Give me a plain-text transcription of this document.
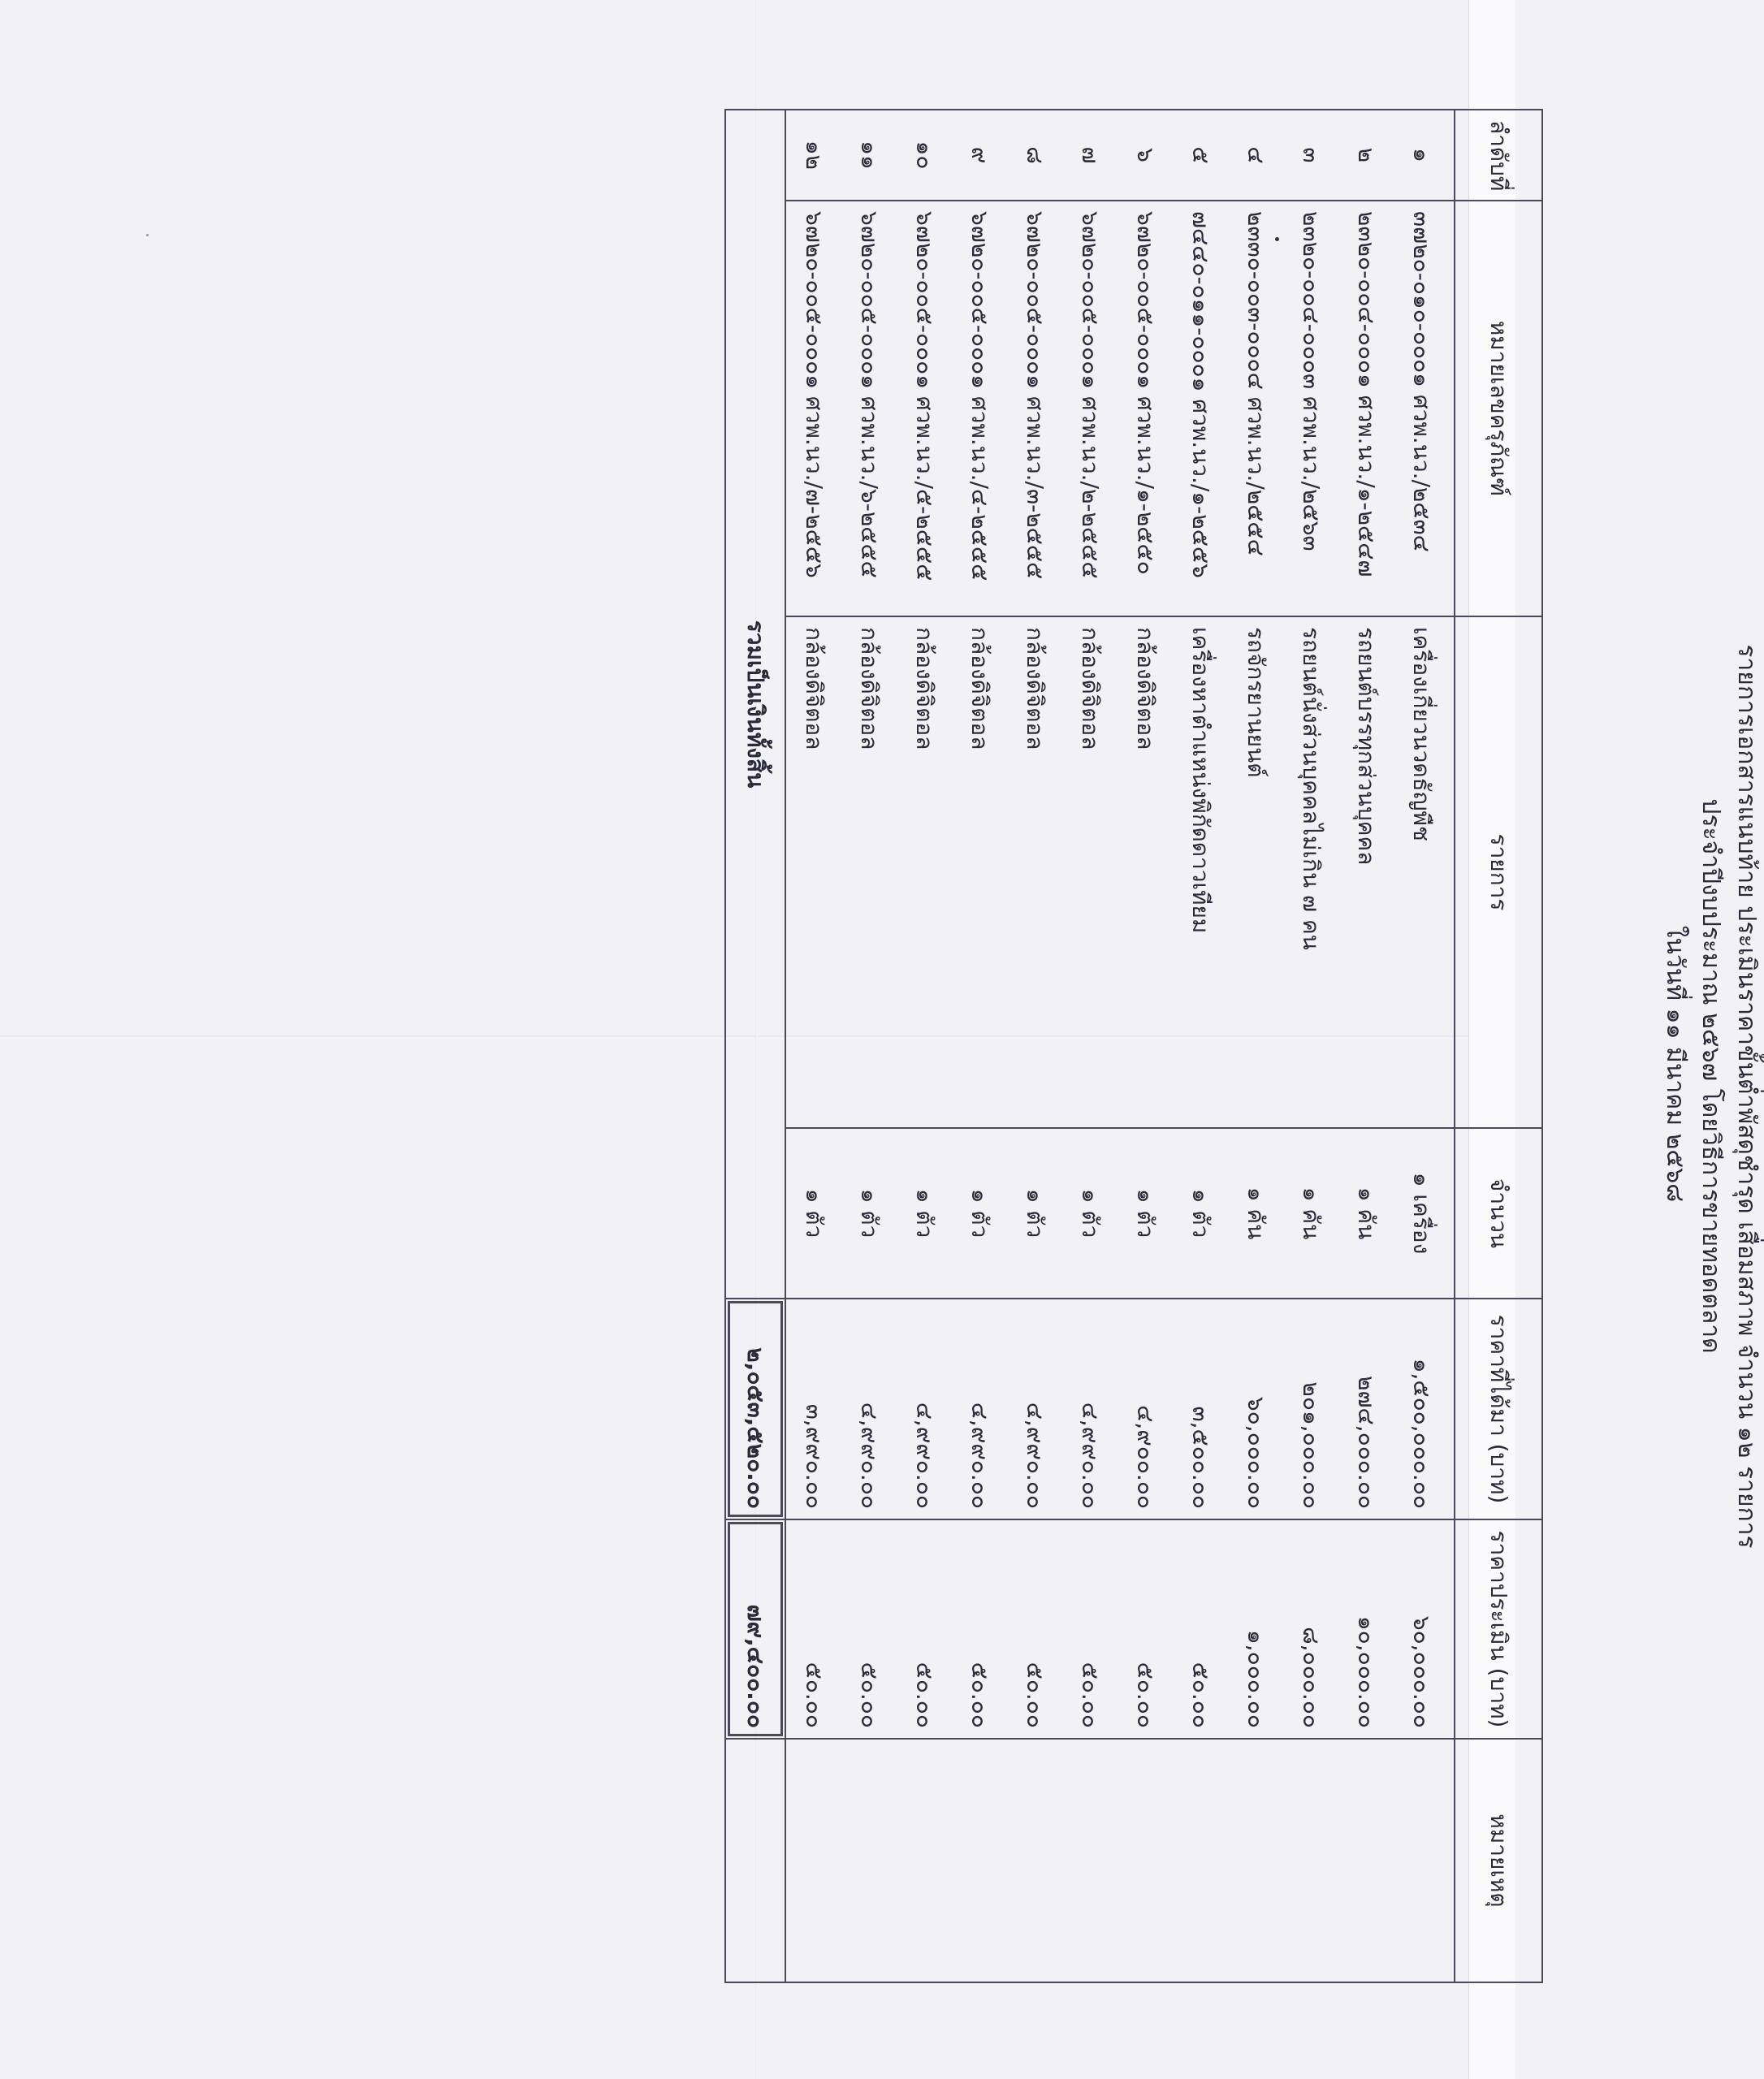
รายการเอกสารแนบท้าย ประเมินราคาขั้นต่ำพัสดุชำรุด เสื่อมสภาพ จำนวน ๑๒ รายการ
ประจำปีงบประมาณ ๒๕๖๗ โดยวิธีการขายทอดตลาด
ในวันที่ ๑๑ มีนาคม ๒๕๖๘
ลำดับที่	หมายเลขครุภัณฑ์	รายการ	จำนวน	ราคาที่ได้มา (บาท)	ราคาประเมิน (บาท)	หมายเหตุ
๑	๓๗๒๐-๐๑๐-๐๐๐๑ ศวพ.นว./๒๕๓๔	เครื่องเกี่ยวนวดธัญพืช	๑ เครื่อง	๑,๕๐๐,๐๐๐.๐๐	๖๐,๐๐๐.๐๐	
๒	๒๓๒๐-๐๐๔-๐๐๐๑ ศวพ.นว./๑-๒๕๔๗	รถยนต์บรรทุกส่วนบุคคล	๑ คัน	๒๗๔,๐๐๐.๐๐	๑๐,๐๐๐.๐๐	
๓	๒๓๒๐-๐๐๔-๐๐๐๓ ศวพ.นว./๒๕๖๓	รถยนต์นั่งส่วนบุคคลไม่เกิน ๗ คน	๑ คัน	๒๐๑,๐๐๐.๐๐	๘,๐๐๐.๐๐	
๔	๒๓๓๐-๐๐๓-๐๐๐๔ ศวพ.นว./๒๕๕๔	รถจักรยานยนต์	๑ คัน	๖๐,๐๐๐.๐๐	๑,๐๐๐.๐๐	
๕	๗๔๔๐-๐๑๑-๐๐๐๑ ศวพ.นว./๑-๒๕๕๖	เครื่องหาตำแหน่งพิกัดดาวเทียม	๑ ตัว	๓,๕๐๐.๐๐	๕๐.๐๐	
๖	๖๗๒๐-๐๐๕-๐๐๐๑ ศวพ.นว./๑-๒๕๕๐	กล้องดิจิตอล	๑ ตัว	๔,๙๐๐.๐๐	๕๐.๐๐	
๗	๖๗๒๐-๐๐๕-๐๐๐๑ ศวพ.นว./๒-๒๕๕๕	กล้องดิจิตอล	๑ ตัว	๔,๙๙๐.๐๐	๕๐.๐๐	
๘	๖๗๒๐-๐๐๕-๐๐๐๑ ศวพ.นว./๓-๒๕๕๕	กล้องดิจิตอล	๑ ตัว	๔,๙๙๐.๐๐	๕๐.๐๐	
๙	๖๗๒๐-๐๐๕-๐๐๐๑ ศวพ.นว./๔-๒๕๕๕	กล้องดิจิตอล	๑ ตัว	๔,๙๙๐.๐๐	๕๐.๐๐	
๑๐	๖๗๒๐-๐๐๕-๐๐๐๑ ศวพ.นว./๕-๒๕๕๕	กล้องดิจิตอล	๑ ตัว	๔,๙๙๐.๐๐	๕๐.๐๐	
๑๑	๖๗๒๐-๐๐๕-๐๐๐๑ ศวพ.นว./๖-๒๕๕๕	กล้องดิจิตอล	๑ ตัว	๔,๙๙๐.๐๐	๕๐.๐๐	
๑๒	๖๗๒๐-๐๐๕-๐๐๐๑ ศวพ.นว./๗-๒๕๕๖	กล้องดิจิตอล	๑ ตัว	๓,๙๙๐.๐๐	๕๐.๐๐	
รวมเป็นเงินทั้งสิ้น				๒,๐๕๓,๕๒๐.๐๐	๗๙,๔๐๐.๐๐	
